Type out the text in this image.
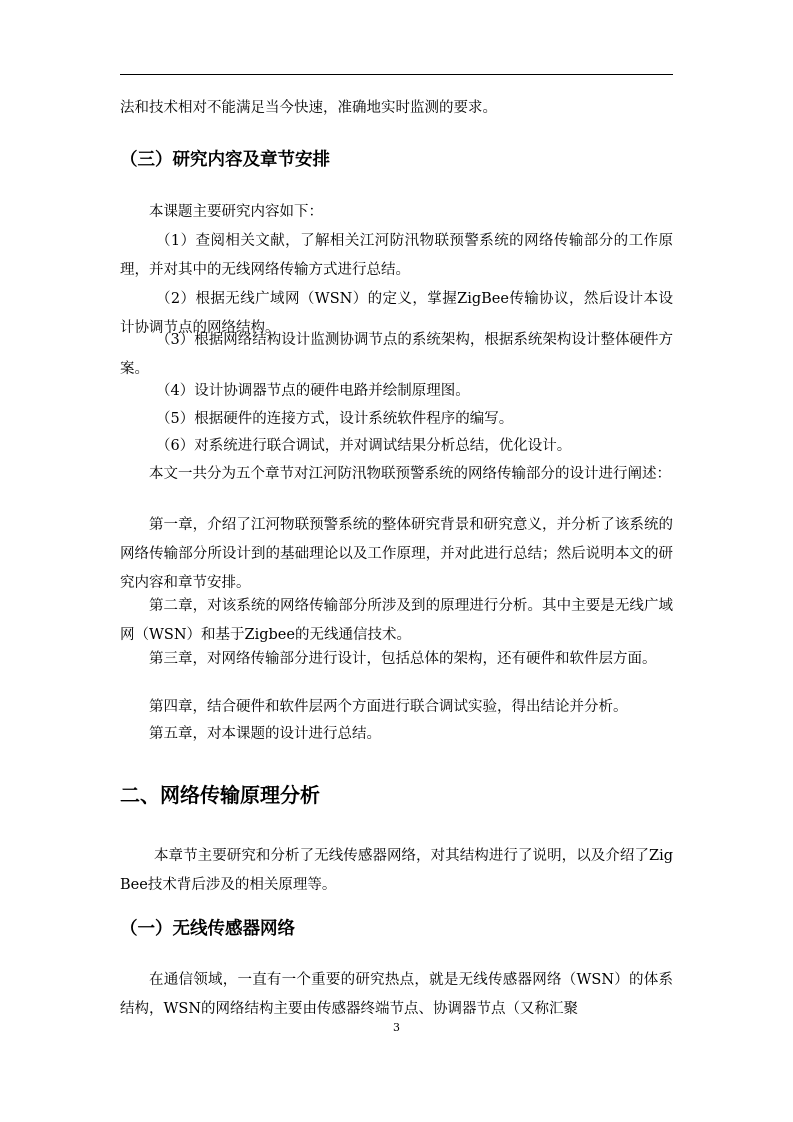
法和技术相对不能满足当今快速，准确地实时监测的要求。

（三）研究内容及章节安排

本课题主要研究内容如下：

（1）查阅相关文献，了解相关江河防汛物联预警系统的网络传输部分的工作原理，并对其中的无线网络传输方式进行总结。

（2）根据无线广域网（WSN）的定义，掌握ZigBee传输协议，然后设计本设计协调节点的网络结构。

（3）根据网络结构设计监测协调节点的系统架构，根据系统架构设计整体硬件方案。

（4）设计协调器节点的硬件电路并绘制原理图。

（5）根据硬件的连接方式，设计系统软件程序的编写。

（6）对系统进行联合调试，并对调试结果分析总结，优化设计。

本文一共分为五个章节对江河防汛物联预警系统的网络传输部分的设计进行阐述：

第一章，介绍了江河物联预警系统的整体研究背景和研究意义，并分析了该系统的网络传输部分所设计到的基础理论以及工作原理，并对此进行总结；然后说明本文的研究内容和章节安排。

第二章，对该系统的网络传输部分所涉及到的原理进行分析。其中主要是无线广域网（WSN）和基于Zigbee的无线通信技术。

第三章，对网络传输部分进行设计，包括总体的架构，还有硬件和软件层方面。

第四章，结合硬件和软件层两个方面进行联合调试实验，得出结论并分析。

第五章，对本课题的设计进行总结。

二、网络传输原理分析

本章节主要研究和分析了无线传感器网络，对其结构进行了说明，以及介绍了Zig Bee技术背后涉及的相关原理等。

（一）无线传感器网络

在通信领域，一直有一个重要的研究热点，就是无线传感器网络（WSN）的体系结构，WSN的网络结构主要由传感器终端节点、协调器节点（又称汇聚

3
